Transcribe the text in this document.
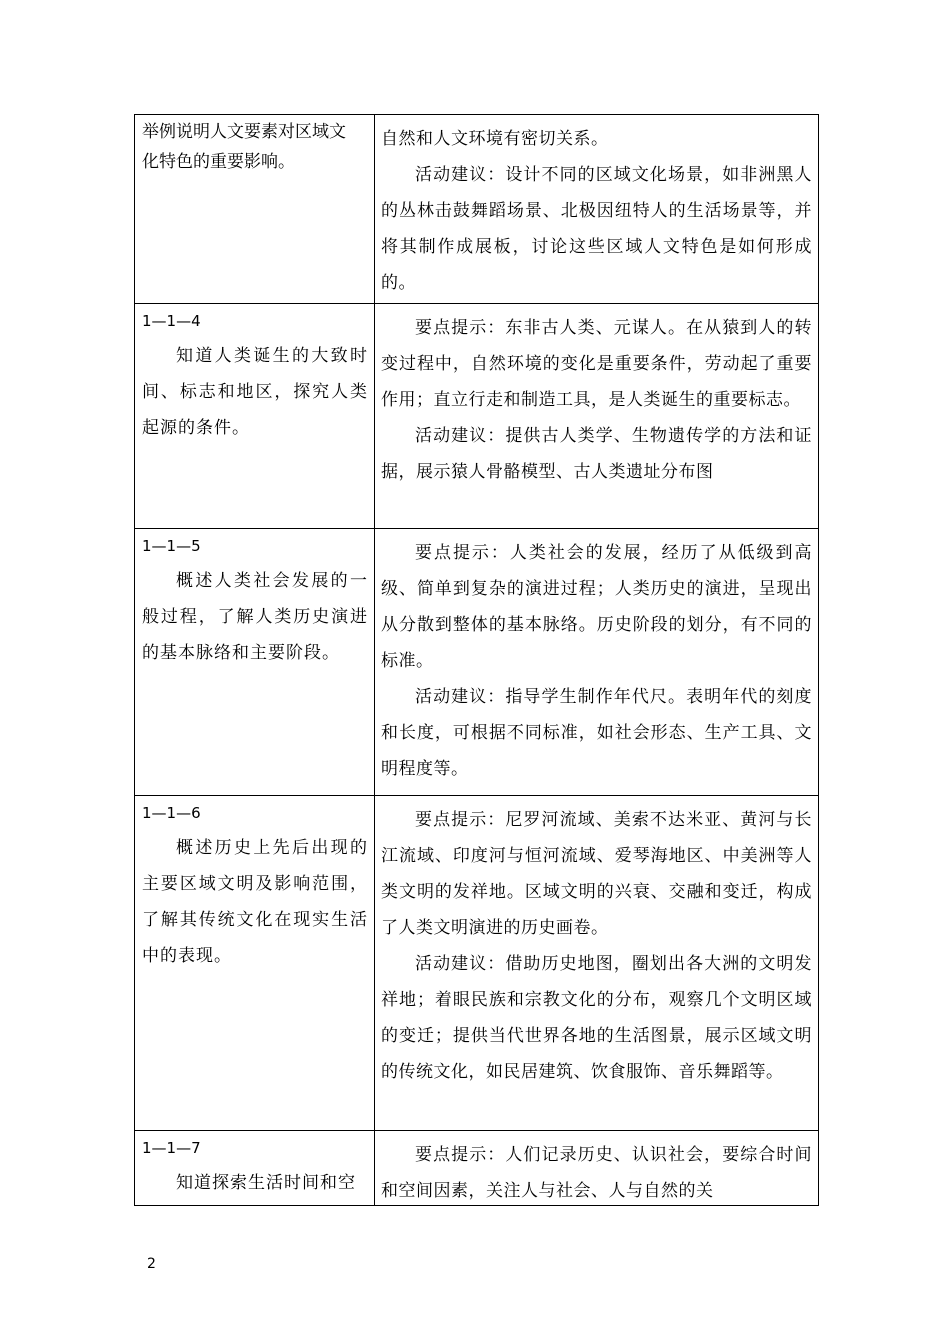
举例说明人文要素对区域文
化特色的重要影响。

自然和人文环境有密切关系。

活动建议：设计不同的区域文化场景，如非洲黑人的丛林击鼓舞蹈场景、北极因纽特人的生活场景等，并将其制作成展板，讨论这些区域人文特色是如何形成的。

1—1—4
知道人类诞生的大致时间、标志和地区，探究人类起源的条件。

要点提示：东非古人类、元谋人。在从猿到人的转变过程中，自然环境的变化是重要条件，劳动起了重要作用；直立行走和制造工具，是人类诞生的重要标志。

活动建议：提供古人类学、生物遗传学的方法和证据，展示猿人骨骼模型、古人类遗址分布图

1—1—5
概述人类社会发展的一般过程，了解人类历史演进的基本脉络和主要阶段。

要点提示：人类社会的发展，经历了从低级到高级、简单到复杂的演进过程；人类历史的演进，呈现出从分散到整体的基本脉络。历史阶段的划分，有不同的标准。

活动建议：指导学生制作年代尺。表明年代的刻度和长度，可根据不同标准，如社会形态、生产工具、文明程度等。

1—1—6
概述历史上先后出现的主要区域文明及影响范围，了解其传统文化在现实生活中的表现。

要点提示：尼罗河流域、美索不达米亚、黄河与长江流域、印度河与恒河流域、爱琴海地区、中美洲等人类文明的发祥地。区域文明的兴衰、交融和变迁，构成了人类文明演进的历史画卷。

活动建议：借助历史地图，圈划出各大洲的文明发祥地；着眼民族和宗教文化的分布，观察几个文明区域的变迁；提供当代世界各地的生活图景，展示区域文明的传统文化，如民居建筑、饮食服饰、音乐舞蹈等。

1—1—7
知道探索生活时间和空

要点提示：人们记录历史、认识社会，要综合时间和空间因素，关注人与社会、人与自然的关

2
